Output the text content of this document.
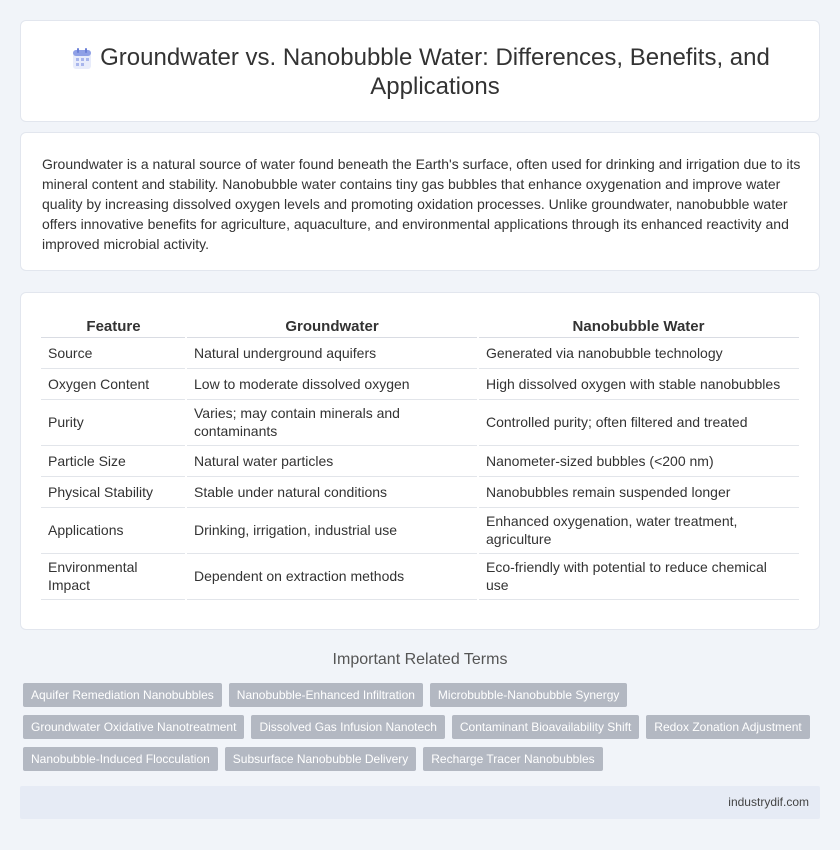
Groundwater vs. Nanobubble Water: Differences, Benefits, and Applications

Groundwater is a natural source of water found beneath the Earth's surface, often used for drinking and irrigation due to its mineral content and stability. Nanobubble water contains tiny gas bubbles that enhance oxygenation and improve water quality by increasing dissolved oxygen levels and promoting oxidation processes. Unlike groundwater, nanobubble water offers innovative benefits for agriculture, aquaculture, and environmental applications through its enhanced reactivity and improved microbial activity.

Feature	Groundwater	Nanobubble Water
Source	Natural underground aquifers	Generated via nanobubble technology
Oxygen Content	Low to moderate dissolved oxygen	High dissolved oxygen with stable nanobubbles
Purity	Varies; may contain minerals and contaminants	Controlled purity; often filtered and treated
Particle Size	Natural water particles	Nanometer-sized bubbles (<200 nm)
Physical Stability	Stable under natural conditions	Nanobubbles remain suspended longer
Applications	Drinking, irrigation, industrial use	Enhanced oxygenation, water treatment, agriculture
Environmental Impact	Dependent on extraction methods	Eco-friendly with potential to reduce chemical use
Important Related Terms
Aquifer Remediation Nanobubbles	Nanobubble-Enhanced Infiltration	Microbubble-Nanobubble Synergy
Groundwater Oxidative Nanotreatment	Dissolved Gas Infusion Nanotech	Contaminant Bioavailability Shift	Redox Zonation Adjustment
Nanobubble-Induced Flocculation	Subsurface Nanobubble Delivery	Recharge Tracer Nanobubbles
industrydif.com
